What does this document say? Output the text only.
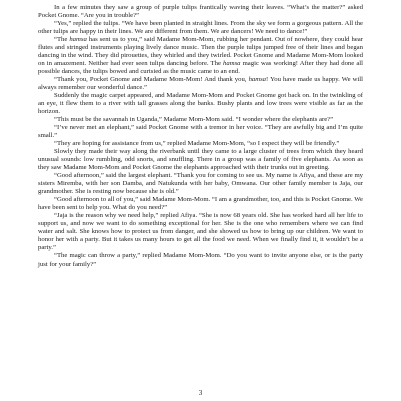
In a few minutes they saw a group of purple tulips frantically waving their leaves. “What’s the matter?” asked Pocket Gnome. “Are you in trouble?”

“Yes,” replied the tulips. “We have been planted in straight lines. From the sky we form a gorgeous pattern. All the other tulips are happy in their lines. We are different from them. We are dancers! We need to dance!”

“The hamsa has sent us to you,” said Madame Mom-Mom, rubbing her pendant. Out of nowhere, they could hear flutes and stringed instruments playing lively dance music. Then the purple tulips jumped free of their lines and began dancing in the wind. They did pirouettes, they whirled and they twirled. Pocket Gnome and Madame Mom-Mom looked on in amazement. Neither had ever seen tulips dancing before. The hamsa magic was working! After they had done all possible dances, the tulips bowed and curtsied as the music came to an end.

“Thank you, Pocket Gnome and Madame Mom-Mom! And thank you, hamsa! You have made us happy. We will always remember our wonderful dance.”

Suddenly the magic carpet appeared, and Madame Mom-Mom and Pocket Gnome got back on. In the twinkling of an eye, it flew them to a river with tall grasses along the banks. Bushy plants and low trees were visible as far as the horizon.

“This must be the savannah in Uganda,” Madame Mom-Mom said. “I wonder where the elephants are?”

“I’ve never met an elephant,” said Pocket Gnome with a tremor in her voice. “They are awfully big and I’m quite small.”

“They are hoping for assistance from us,” replied Madame Mom-Mom, “so I expect they will be friendly.”

Slowly they made their way along the riverbank until they came to a large cluster of trees from which they heard unusual sounds: low rumbling, odd snorts, and snuffling. There in a group was a family of five elephants. As soon as they saw Madame Mom-Mom and Pocket Gnome the elephants approached with their trunks out in greeting.

“Good afternoon,” said the largest elephant. “Thank you for coming to see us. My name is Afiya, and these are my sisters Miremba, with her son Damba, and Natukunda with her baby, Omwana. Our other family member is Jaja, our grandmother. She is resting now because she is old.”

“Good afternoon to all of you,” said Madame Mom-Mom. “I am a grandmother, too, and this is Pocket Gnome. We have been sent to help you. What do you need?”

“Jaja is the reason why we need help,” replied Afiya. “She is now 68 years old. She has worked hard all her life to support us, and now we want to do something exceptional for her. She is the one who remembers where we can find water and salt. She knows how to protect us from danger, and she showed us how to bring up our children. We want to honor her with a party. But it takes us many hours to get all the food we need. When we finally find it, it wouldn’t be a party.”

“The magic can throw a party,” replied Madame Mom-Mom. “Do you want to invite anyone else, or is the party just for your family?”

3
